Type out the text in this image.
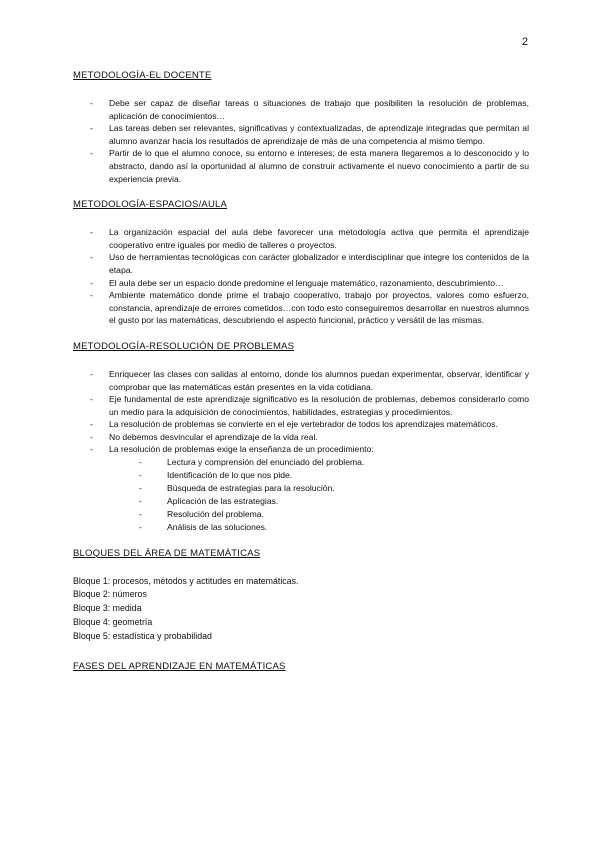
2
METODOLOGÍA-EL DOCENTE
- Debe ser capaz de diseñar tareas o situaciones de trabajo que posibiliten la resolución de problemas, aplicación de conocimientos…
- Las tareas deben ser relevantes, significativas y contextualizadas, de aprendizaje integradas que permitan al alumno avanzar hacia los resultados de aprendizaje de más de una competencia al mismo tiempo.
- Partir de lo que el alumno conoce, su entorno e intereses; de esta manera llegaremos a lo desconocido y lo abstracto, dando así la oportunidad al alumno de construir activamente el nuevo conocimiento a partir de su experiencia previa.
METODOLOGÍA-ESPACIOS/AULA
- La organización espacial del aula debe favorecer una metodología activa que permita el aprendizaje cooperativo entre iguales por medio de talleres o proyectos.
- Uso de herramientas tecnológicas con carácter globalizador e interdisciplinar que integre los contenidos de la etapa.
- El aula debe ser un espacio donde predomine el lenguaje matemático, razonamiento, descubrimiento…
- Ambiente matemático donde prime el trabajo cooperativo, trabajo por proyectos, valores como esfuerzo, constancia, aprendizaje de errores cometidos…con todo esto conseguiremos desarrollar en nuestros alumnos el gusto por las matemáticas, descubriendo el aspecto funcional, práctico y versátil de las mismas.
METODOLOGÍA-RESOLUCIÓN DE PROBLEMAS
- Enriquecer las clases con salidas al entorno, donde los alumnos puedan experimentar, observar, identificar y comprobar que las matemáticas están presentes en la vida cotidiana.
- Eje fundamental de este aprendizaje significativo es la resolución de problemas, debemos considerarlo como un medio para la adquisición de conocimientos, habilidades, estrategias y procedimientos.
- La resolución de problemas se convierte en el eje vertebrador de todos los aprendizajes matemáticos.
- No debemos desvincular el aprendizaje de la vida real.
- La resolución de problemas exige la enseñanza de un procedimiento:
- Lectura y comprensión del enunciado del problema.
- Identificación de lo que nos pide.
- Búsqueda de estrategias para la resolución.
- Aplicación de las estrategias.
- Resolución del problema.
- Análisis de las soluciones.
BLOQUES DEL ÁREA DE MATEMÁTICAS
Bloque 1: procesos, métodos y actitudes en matemáticas.
Bloque 2: números
Bloque 3: medida
Bloque 4: geometría
Bloque 5: estadística y probabilidad
FASES DEL APRENDIZAJE EN MATEMÁTICAS
